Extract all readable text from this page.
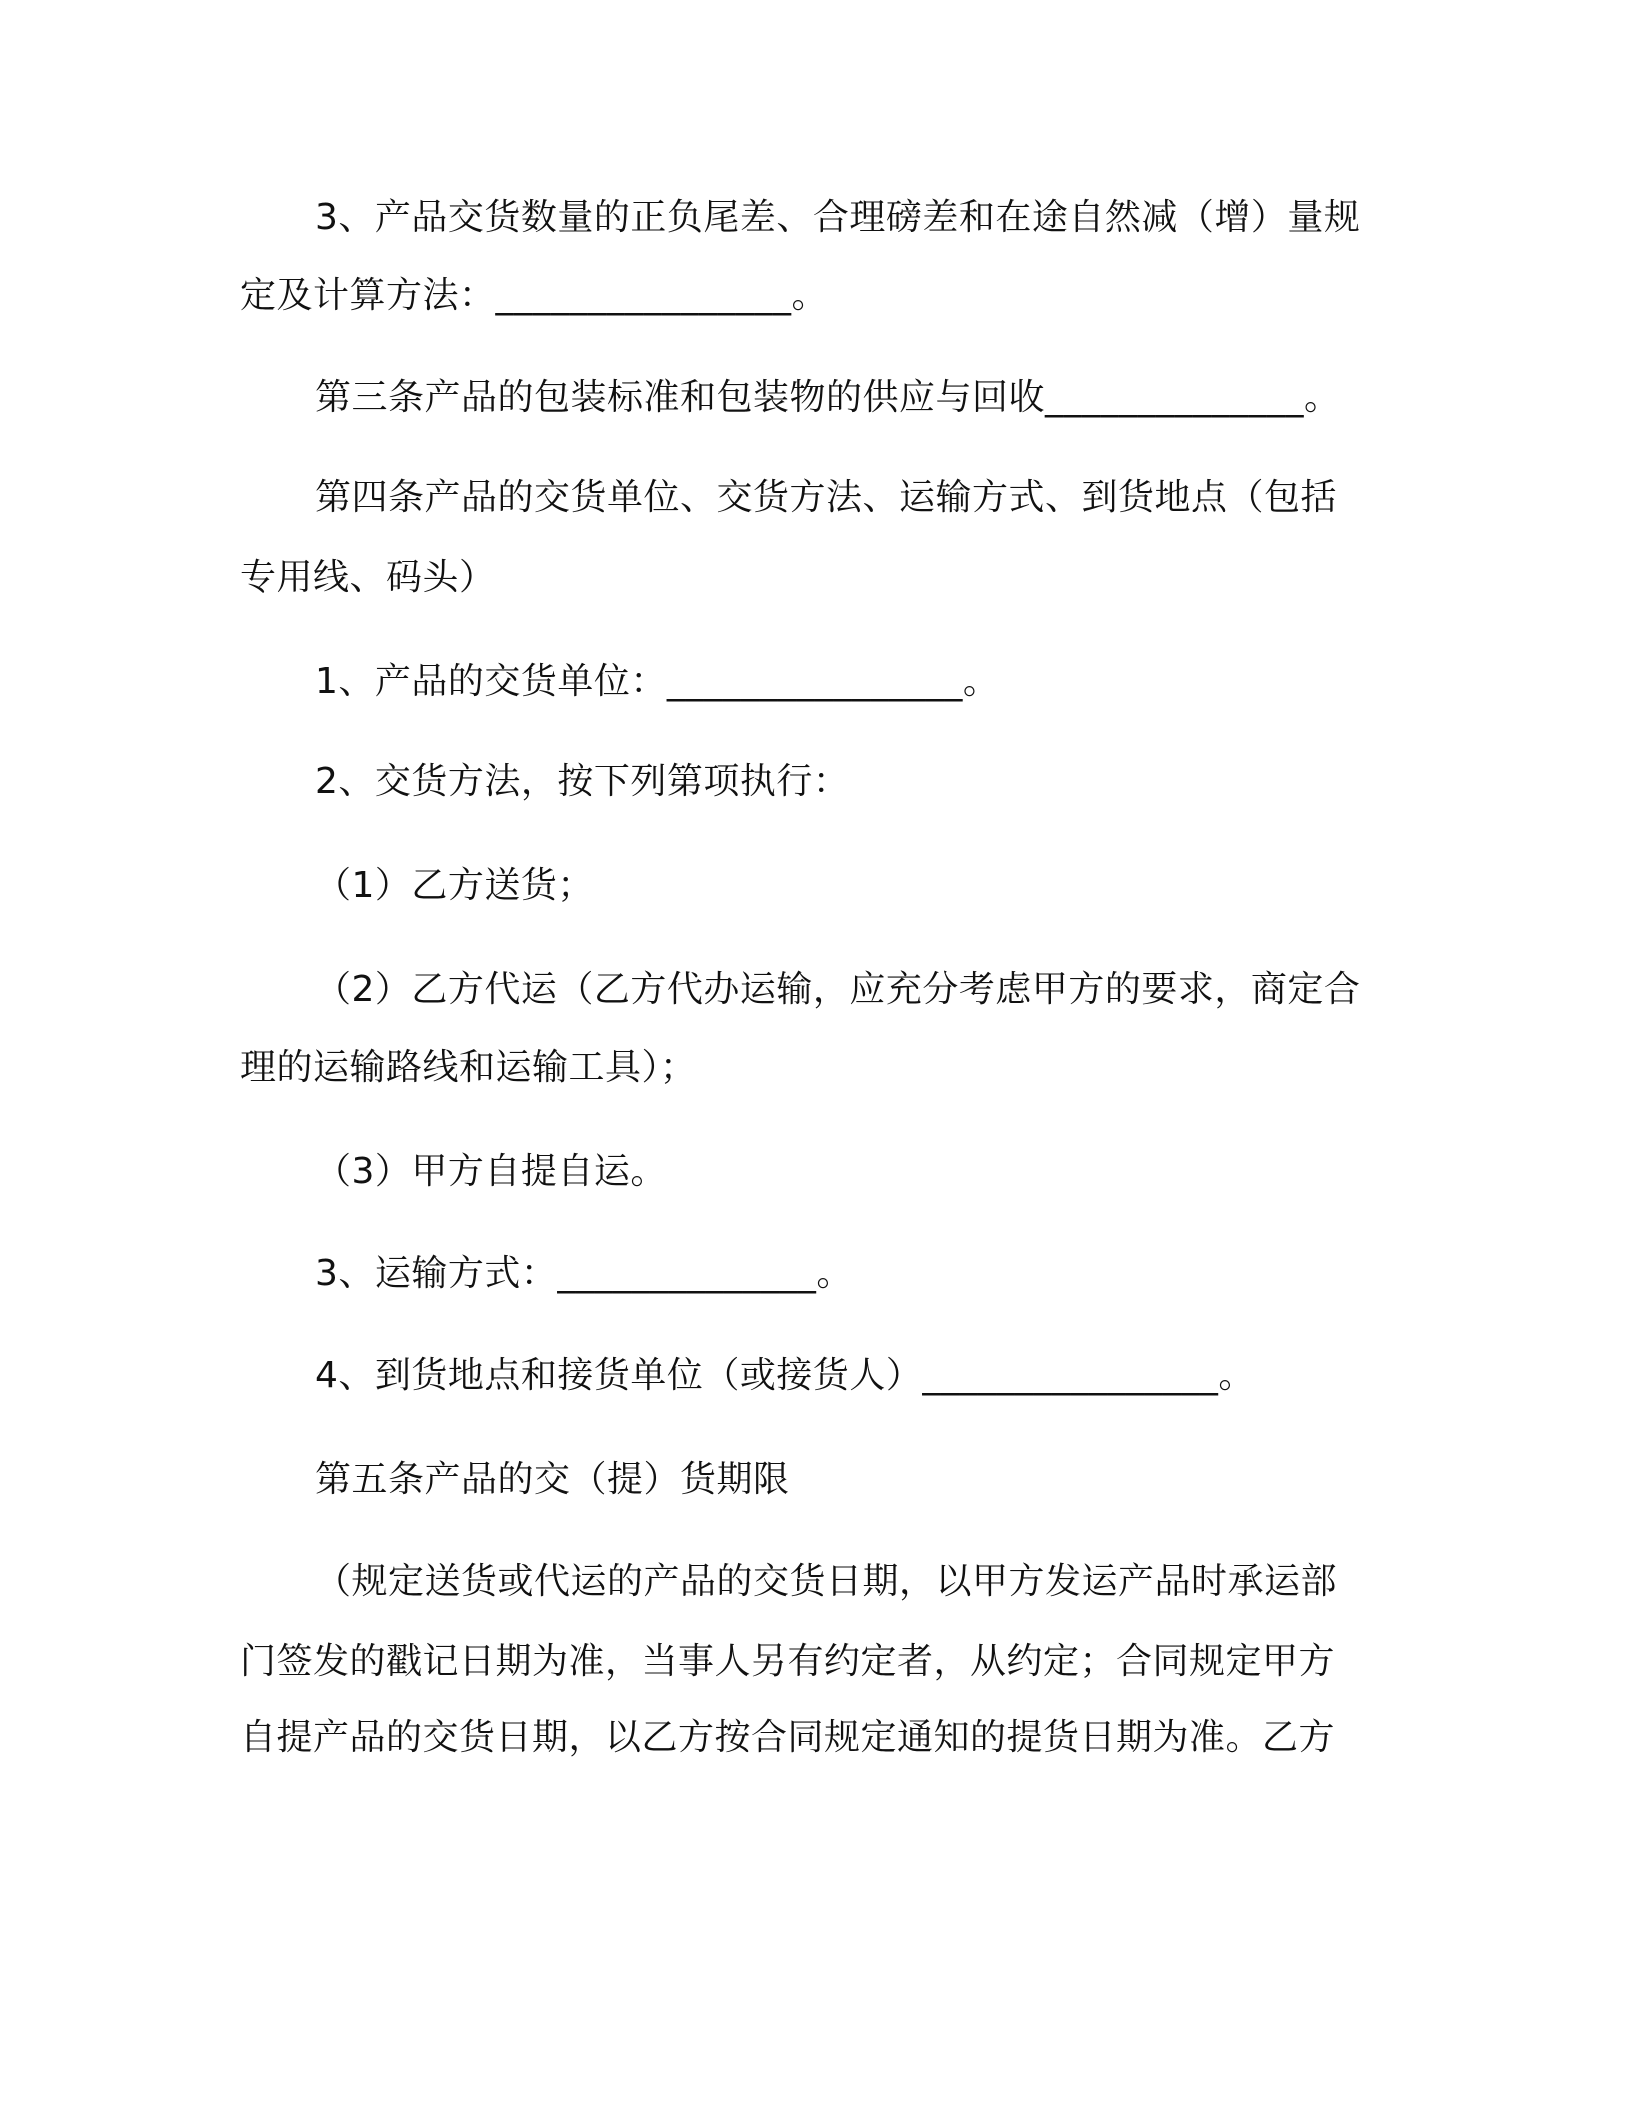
3、产品交货数量的正负尾差、合理磅差和在途自然减（增）量规
定及计算方法：________________。
第三条产品的包装标准和包装物的供应与回收______________。
第四条产品的交货单位、交货方法、运输方式、到货地点（包括
专用线、码头）
1、产品的交货单位：________________。
2、交货方法，按下列第项执行：
（1）乙方送货；
（2）乙方代运（乙方代办运输，应充分考虑甲方的要求，商定合
理的运输路线和运输工具）；
（3）甲方自提自运。
3、运输方式：______________。
4、到货地点和接货单位（或接货人）________________。
第五条产品的交（提）货期限
（规定送货或代运的产品的交货日期，以甲方发运产品时承运部
门签发的戳记日期为准，当事人另有约定者，从约定；合同规定甲方
自提产品的交货日期，以乙方按合同规定通知的提货日期为准。乙方
